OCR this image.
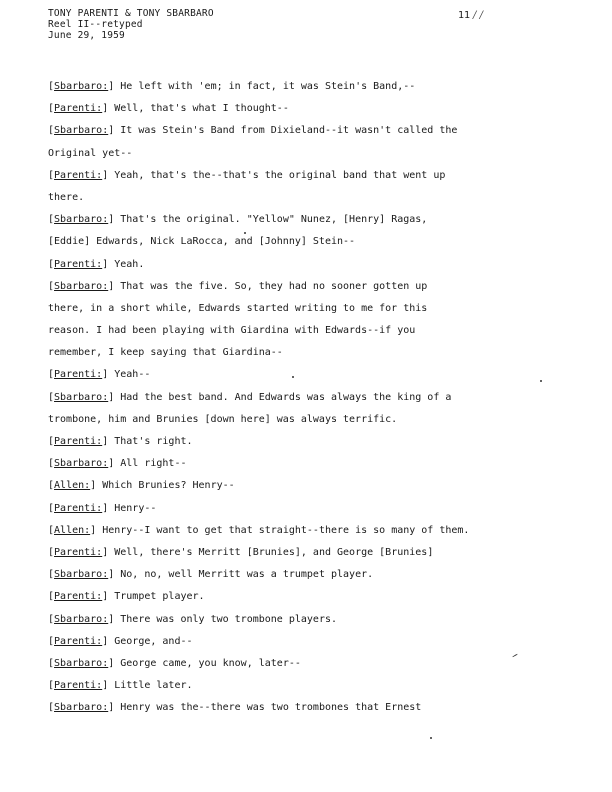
TONY PARENTI & TONY SBARBARO
Reel II--retyped
June 29, 1959
11 / /
[Sbarbaro:] He left with 'em; in fact, it was Stein's Band,--
[Parenti:] Well, that's what I thought--
[Sbarbaro:] It was Stein's Band from Dixieland--it wasn't called the
Original yet--
[Parenti:] Yeah, that's the--that's the original band that went up
there.
[Sbarbaro:] That's the original. "Yellow" Nunez, [Henry] Ragas,
[Eddie] Edwards, Nick LaRocca, and [Johnny] Stein--
[Parenti:] Yeah.
[Sbarbaro:] That was the five. So, they had no sooner gotten up
there, in a short while, Edwards started writing to me for this
reason. I had been playing with Giardina with Edwards--if you
remember, I keep saying that Giardina--
[Parenti:] Yeah--
[Sbarbaro:] Had the best band. And Edwards was always the king of a
trombone, him and Brunies [down here] was always terrific.
[Parenti:] That's right.
[Sbarbaro:] All right--
[Allen:] Which Brunies? Henry--
[Parenti:] Henry--
[Allen:] Henry--I want to get that straight--there is so many of them.
[Parenti:] Well, there's Merritt [Brunies], and George [Brunies]
[Sbarbaro:] No, no, well Merritt was a trumpet player.
[Parenti:] Trumpet player.
[Sbarbaro:] There was only two trombone players.
[Parenti:] George, and--
[Sbarbaro:] George came, you know, later--
[Parenti:] Little later.
[Sbarbaro:] Henry was the--there was two trombones that Ernest
